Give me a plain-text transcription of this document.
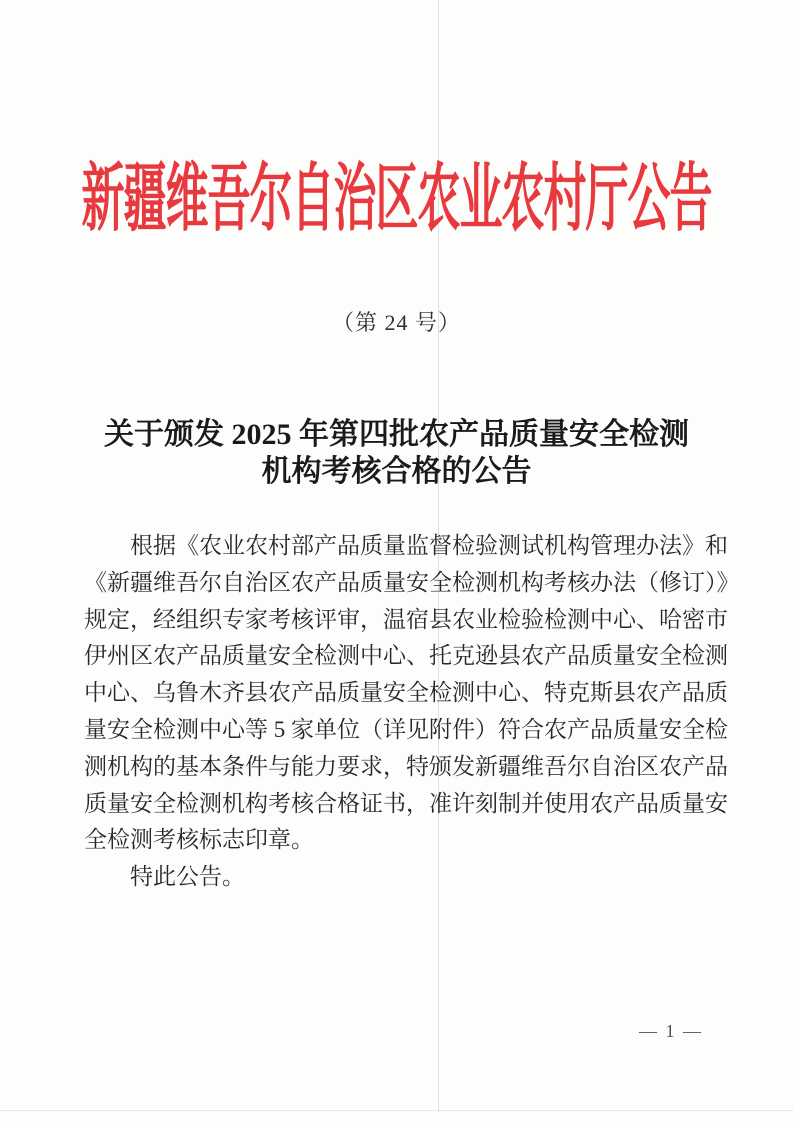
新疆维吾尔自治区农业农村厅公告
（第 24 号）
关于颁发 2025 年第四批农产品质量安全检测
机构考核合格的公告
　　根据《农业农村部产品质量监督检验测试机构管理办法》和
《新疆维吾尔自治区农产品质量安全检测机构考核办法（修订）》
规定，经组织专家考核评审，温宿县农业检验检测中心、哈密市
伊州区农产品质量安全检测中心、托克逊县农产品质量安全检测
中心、乌鲁木齐县农产品质量安全检测中心、特克斯县农产品质
量安全检测中心等 5 家单位（详见附件）符合农产品质量安全检
测机构的基本条件与能力要求，特颁发新疆维吾尔自治区农产品
质量安全检测机构考核合格证书，准许刻制并使用农产品质量安
全检测考核标志印章。
　　特此公告。
— 1 —
